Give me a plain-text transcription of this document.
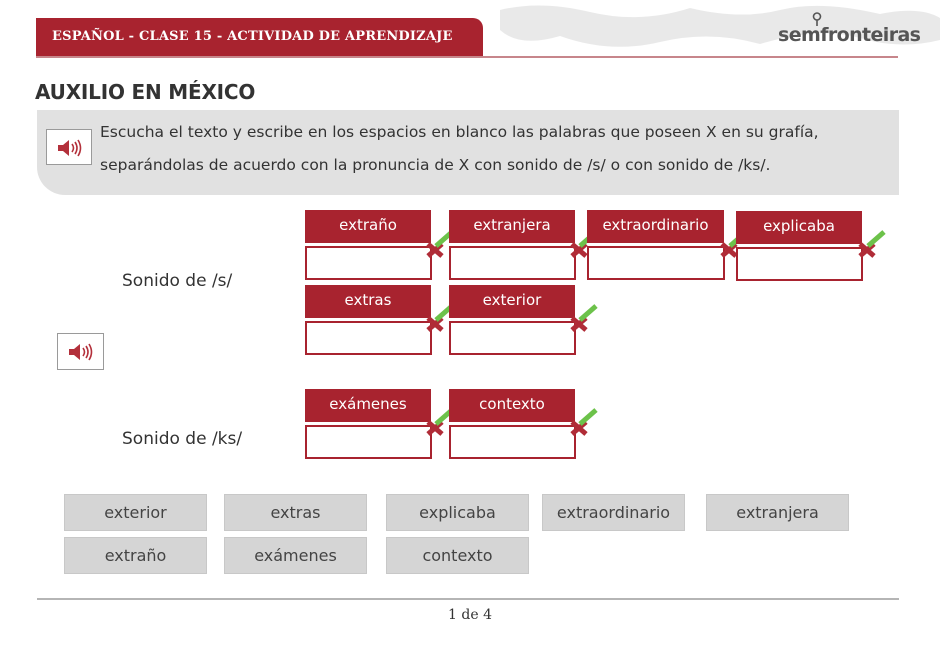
ESPAÑOL - CLASE 15 - ACTIVIDAD DE APRENDIZAJE	semfronteiras
AUXILIO EN MÉXICO
Escucha el texto y escribe en los espacios en blanco las palabras que poseen X en su grafía, separándolas de acuerdo con la pronuncia de X con sonido de /s/ o con sonido de /ks/.
Sonido de /s/
Sonido de /ks/
extraño	extranjera	extraordinario	explicaba
extras	exterior
exámenes	contexto
exterior	extras	explicaba	extraordinario	extranjera
extraño	exámenes	contexto
1 de 4
